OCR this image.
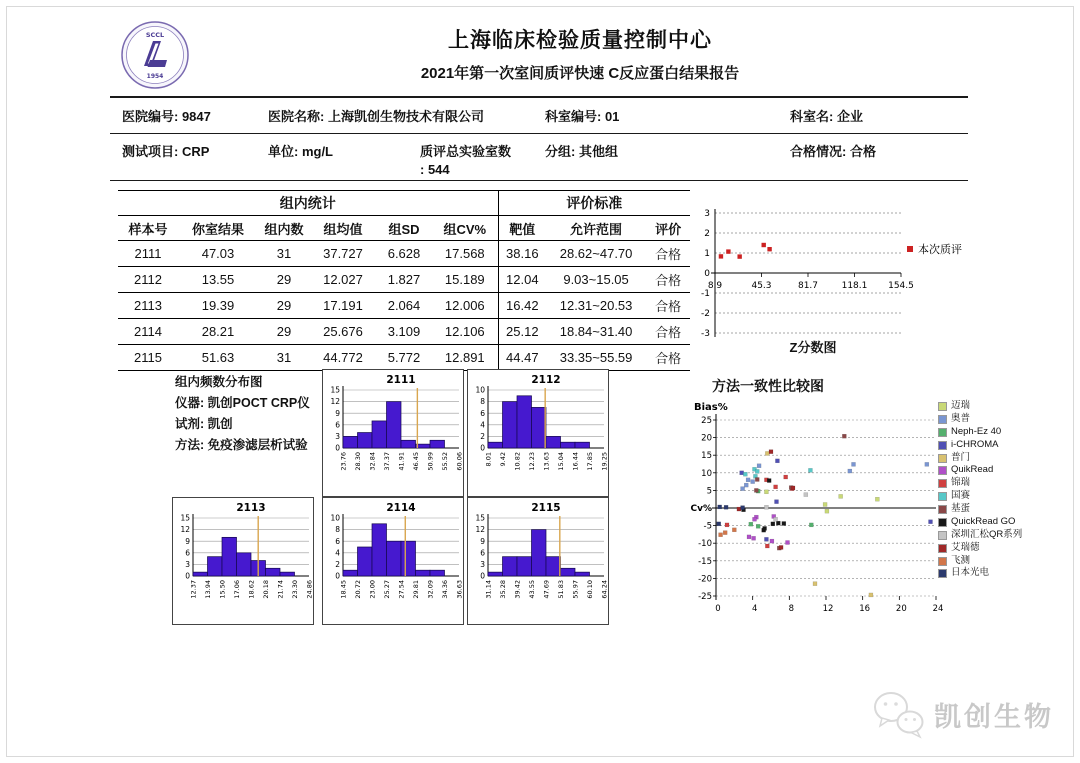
SCCL
1954
上海临床检验质量控制中心
2021年第一次室间质评快速 C反应蛋白结果报告
医院编号: 9847	医院名称: 上海凯创生物技术有限公司	科室编号: 01	科室名: 企业
测试项目: CRP	单位: mg/L	质评总实验室数
: 544
分组: 其他组	合格情况: 合格
组内统计						评价标准		
样本号	你室结果	组内数	组均值	组SD	组CV%	靶值	允许范围	评价
2111	47.03	31	37.727	6.628	17.568	38.16	28.62~47.70	合格
2112	13.55	29	12.027	1.827	15.189	12.04	9.03~15.05	合格
2113	19.39	29	17.191	2.064	12.006	16.42	12.31~20.53	合格
2114	28.21	29	25.676	3.109	12.106	25.12	18.84~31.40	合格
2115	51.63	31	44.772	5.772	12.891	44.47	33.35~55.59	合格
3
2
1
0
-1
-2
-3
8.9	45.3	81.7	118.1 154.5
本次质评
Z分数图
组内频数分布图
仪器: 凯创POCT CRP仪
试剂: 凯创
方法: 免疫渗滤层析试验
2111
0
3
6
9
12
15
23.76 28.30 32.84 37.37 41.91 46.45 50.99 55.52 60.06
2112
0
2
4
6
8
10
8.01 9.42 10.82 12.23 13.63 15.04 16.44 17.85 19.25
2113
0
3
6
9
12
15
12.37 13.94 15.50 17.06 18.62 20.18 21.74 23.30 24.86
2114
0
2
4
6
8
10
18.45 20.72 23.00 25.27 27.54 29.81 32.09 34.36 36.63
2115
0
3
6
9
12
15
31.14 35.28 39.42 43.55 47.69 51.83 55.97 60.10 64.24
方法一致性比较图
Bias%
25
20
15
10
5
Cv%
-5
-10
-15
-20
-25
0	4	8	12	16	20	24
迈瑞
奥普
Neph-Ez 40
i-CHROMA
普门
QuikRead
锦瑞
国赛
基蛋
QuickRead GO
深圳汇松QR系列
艾瑞德
飞测
日本光电
凯创生物
